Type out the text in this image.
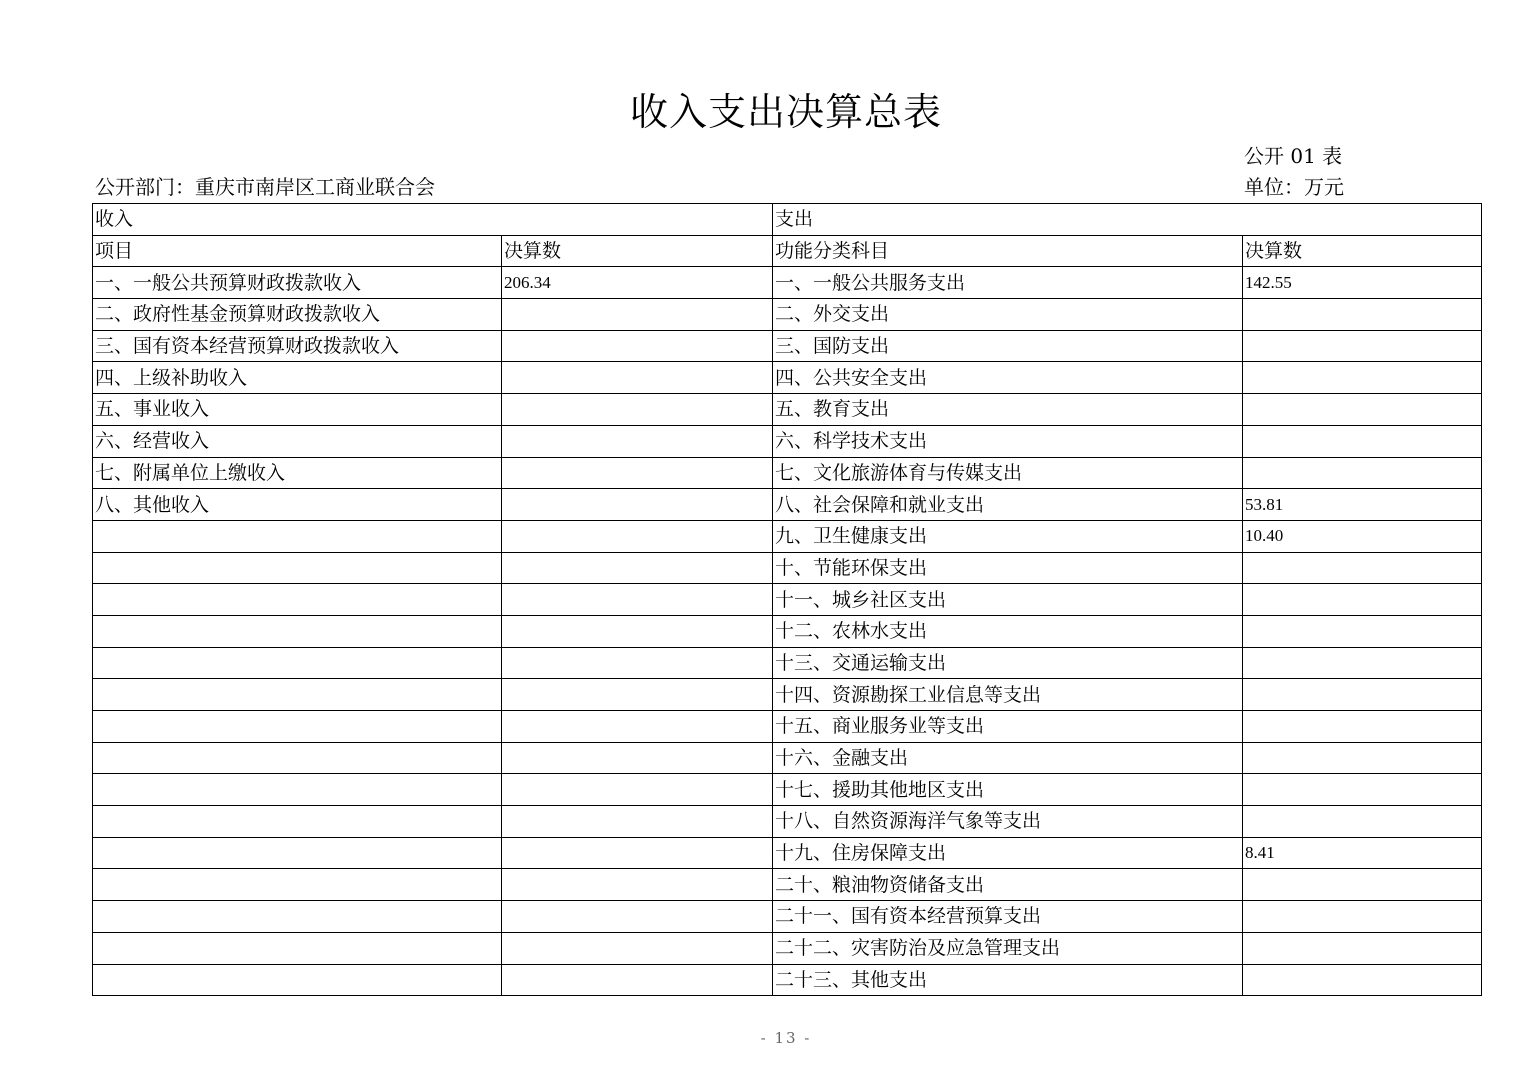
收入支出决算总表
公开 01 表
公开部门：重庆市南岸区工商业联合会	单位：万元
收入		支出	
项目	决算数	功能分类科目	决算数
一、一般公共预算财政拨款收入	206.34	一、一般公共服务支出	142.55
二、政府性基金预算财政拨款收入		二、外交支出	
三、国有资本经营预算财政拨款收入		三、国防支出	
四、上级补助收入		四、公共安全支出	
五、事业收入		五、教育支出	
六、经营收入		六、科学技术支出	
七、附属单位上缴收入		七、文化旅游体育与传媒支出	
八、其他收入		八、社会保障和就业支出	53.81
		九、卫生健康支出	10.40
		十、节能环保支出	
		十一、城乡社区支出	
		十二、农林水支出	
		十三、交通运输支出	
		十四、资源勘探工业信息等支出	
		十五、商业服务业等支出	
		十六、金融支出	
		十七、援助其他地区支出	
		十八、自然资源海洋气象等支出	
		十九、住房保障支出	8.41
		二十、粮油物资储备支出	
		二十一、国有资本经营预算支出	
		二十二、灾害防治及应急管理支出	
		二十三、其他支出	
- 13 -
